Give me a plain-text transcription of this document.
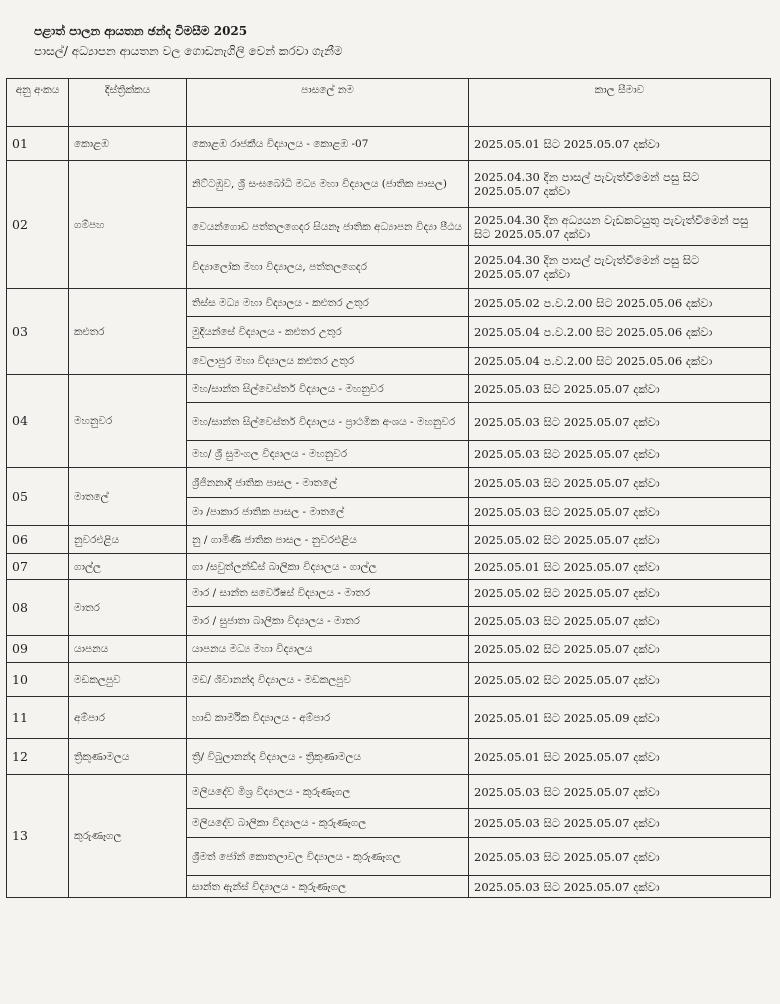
පළාත් පාලන ආයතන ඡන්ද විමසීම 2025
පාසල්/ අධ්‍යාපන ආයතන වල ගොඩනැගිලි වෙන් කරවා ගැනීම
අනු අංකය	දිස්ත්‍රික්කය	පාසලේ නම	කාල සීමාව
01	කොළඹ	කොළඹ රාජකීය විද්‍යාලය - කොළඹ -07	2025.05.01 සිට 2025.05.07 දක්වා
02	ගම්පහ	නිට්ටඹුව, ශ්‍රී සංඝබෝධි මධ්‍ය මහා විද්‍යාලය (ජාතික පාසල)	2025.04.30 දින පාසල් පැවැත්වීමෙන් පසු සිට 2025.05.07 දක්වා
		වෙයන්ගොඩ පත්තලගෙදර සියනෑ ජාතික අධ්‍යාපන විද්‍යා පීඨය	2025.04.30 දින අධ්‍යයන වැඩකටයුතු පැවැත්වීමෙන් පසු සිට 2025.05.07 දක්වා
		විද්‍යාලෝක මහා විද්‍යාලය, පත්තලගෙදර	2025.04.30 දින පාසල් පැවැත්වීමෙන් පසු සිට 2025.05.07 දක්වා
03	කළුතර	තිස්ස මධ්‍ය මහා විද්‍යාලය - කළුතර උතුර	2025.05.02 ප.ව.2.00 සිට 2025.05.06 දක්වා
		මුදියන්සේ විද්‍යාලය - කළුතර උතුර	2025.05.04 ප.ව.2.00 සිට 2025.05.06 දක්වා
		වෙලාපුර මහා විද්‍යාලය කළුතර උතුර	2025.05.04 ප.ව.2.00 සිට 2025.05.06 දක්වා
04	මහනුවර	මහ/සාන්ත සිල්වෙස්තර් විද්‍යාලය - මහනුවර	2025.05.03 සිට 2025.05.07 දක්වා
		මහ/සාන්ත සිල්වෙස්තර් විද්‍යාලය - ප්‍රාථමික අංශය - මහනුවර	2025.05.03 සිට 2025.05.07 දක්වා
		මහ/ ශ්‍රී සුමංගල විද්‍යාලය - මහනුවර	2025.05.03 සිට 2025.05.07 දක්වා
05	මාතලේ	ශ්‍රීජිනනාදි ජාතික පාසල - මාතලේ	2025.05.03 සිට 2025.05.07 දක්වා
		මා /පාකාර ජාතික පාසල - මාතලේ	2025.05.03 සිට 2025.05.07 දක්වා
06	නුවරඑළිය	නු / ගාමිණී ජාතික පාසල - නුවරඑළිය	2025.05.02 සිට 2025.05.07 දක්වා
07	ගාල්ල	ගා /සවුත්ලන්ඩ්ස් බාලිකා විද්‍යාලය - ගාල්ල	2025.05.01 සිට 2025.05.07 දක්වා
08	මාතර	මාර / සාන්ත සර්වේෂස් විද්‍යාලය - මාතර	2025.05.02 සිට 2025.05.07 දක්වා
		මාර / සුජාතා බාලිකා විද්‍යාලය - මාතර	2025.05.03 සිට 2025.05.07 දක්වා
09	යාපනය	යාපනය මධ්‍ය මහා විද්‍යාලය	2025.05.02 සිට 2025.05.07 දක්වා
10	මඩකලපුව	මඩ/ ශිවානන්ද විද්‍යාලය - මඩකලපුව	2025.05.02 සිට 2025.05.07 දක්වා
11	අම්පාර	හාඩි කාර්මික විද්‍යාලය - අම්පාර	2025.05.01 සිට 2025.05.09 දක්වා
12	ත්‍රිකුණාමලය	ත්‍රි/ විබුලානන්ද විද්‍යාලය - ත්‍රිකුණාමලය	2025.05.01 සිට 2025.05.07 දක්වා
13	කුරුණෑගල	මලියදේව මිශ්‍ර විද්‍යාලය - කුරුණෑගල	2025.05.03 සිට 2025.05.07 දක්වා
		මලියදේව බාලිකා විද්‍යාලය - කුරුණෑගල	2025.05.03 සිට 2025.05.07 දක්වා
		ශ්‍රීමත් ජෝන් කොතලාවල විද්‍යාලය - කුරුණෑගල	2025.05.03 සිට 2025.05.07 දක්වා
		සාන්ත ඇන්ස් විද්‍යාලය - කුරුණෑගල	2025.05.03 සිට 2025.05.07 දක්වා
